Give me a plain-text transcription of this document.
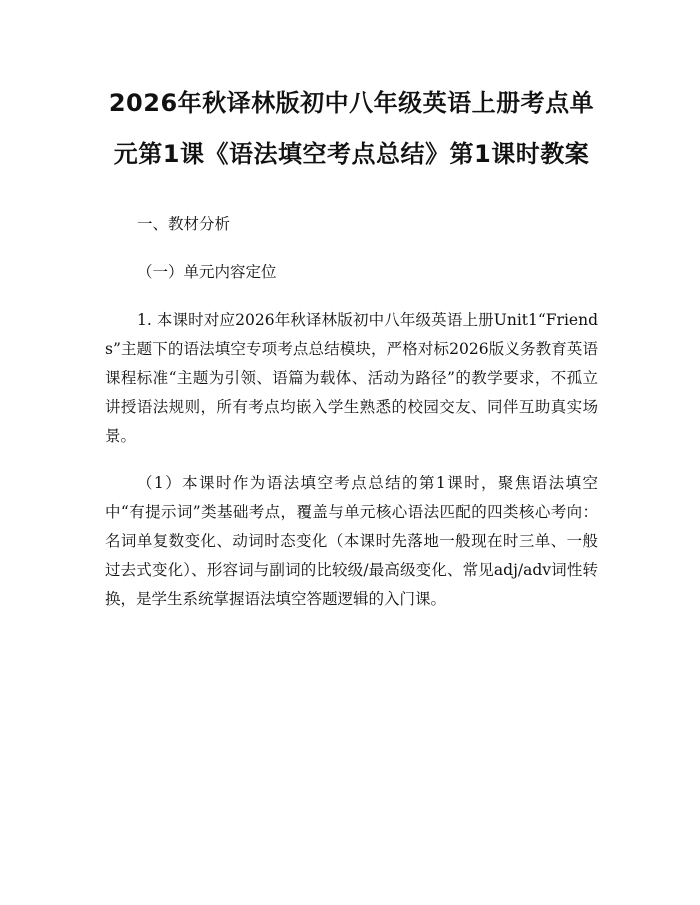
2026年秋译林版初中八年级英语上册考点单元第1课《语法填空考点总结》第1课时教案

一、教材分析

（一）单元内容定位

1. 本课时对应2026年秋译林版初中八年级英语上册Unit1“Friends”主题下的语法填空专项考点总结模块，严格对标2026版义务教育英语课程标准“主题为引领、语篇为载体、活动为路径”的教学要求，不孤立讲授语法规则，所有考点均嵌入学生熟悉的校园交友、同伴互助真实场景。

（1）本课时作为语法填空考点总结的第1课时，聚焦语法填空中“有提示词”类基础考点，覆盖与单元核心语法匹配的四类核心考向：名词单复数变化、动词时态变化（本课时先落地一般现在时三单、一般过去式变化）、形容词与副词的比较级/最高级变化、常见adj/adv词性转换，是学生系统掌握语法填空答题逻辑的入门课。
